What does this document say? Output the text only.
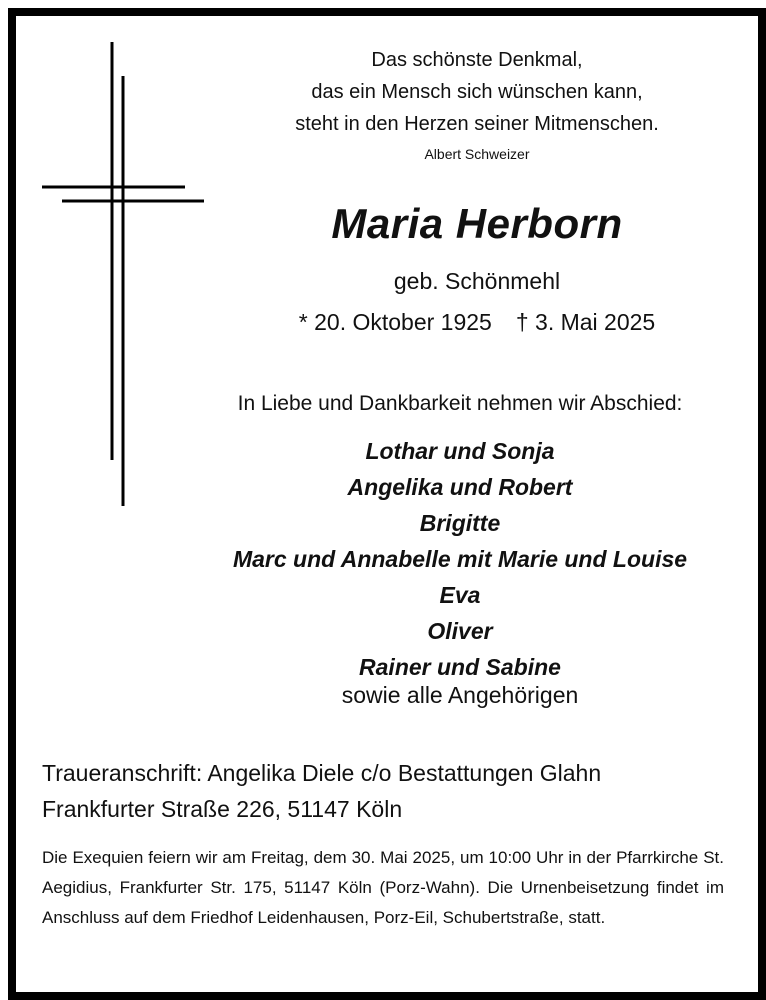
Das schönste Denkmal,
das ein Mensch sich wünschen kann,
steht in den Herzen seiner Mitmenschen.
Albert Schweizer
Maria Herborn
geb. Schönmehl
* 20. Oktober 1925 † 3. Mai 2025
In Liebe und Dankbarkeit nehmen wir Abschied:
Lothar und Sonja
Angelika und Robert
Brigitte
Marc und Annabelle mit Marie und Louise
Eva
Oliver
Rainer und Sabine
sowie alle Angehörigen
Traueranschrift: Angelika Diele c/o Bestattungen Glahn
Frankfurter Straße 226, 51147 Köln
Die Exequien feiern wir am Freitag, dem 30. Mai 2025, um 10:00 Uhr in der Pfarrkirche St. Aegidius, Frankfurter Str. 175, 51147 Köln (Porz-Wahn). Die Urnenbeisetzung findet im Anschluss auf dem Friedhof Leidenhausen, Porz-Eil, Schubertstraße, statt.
